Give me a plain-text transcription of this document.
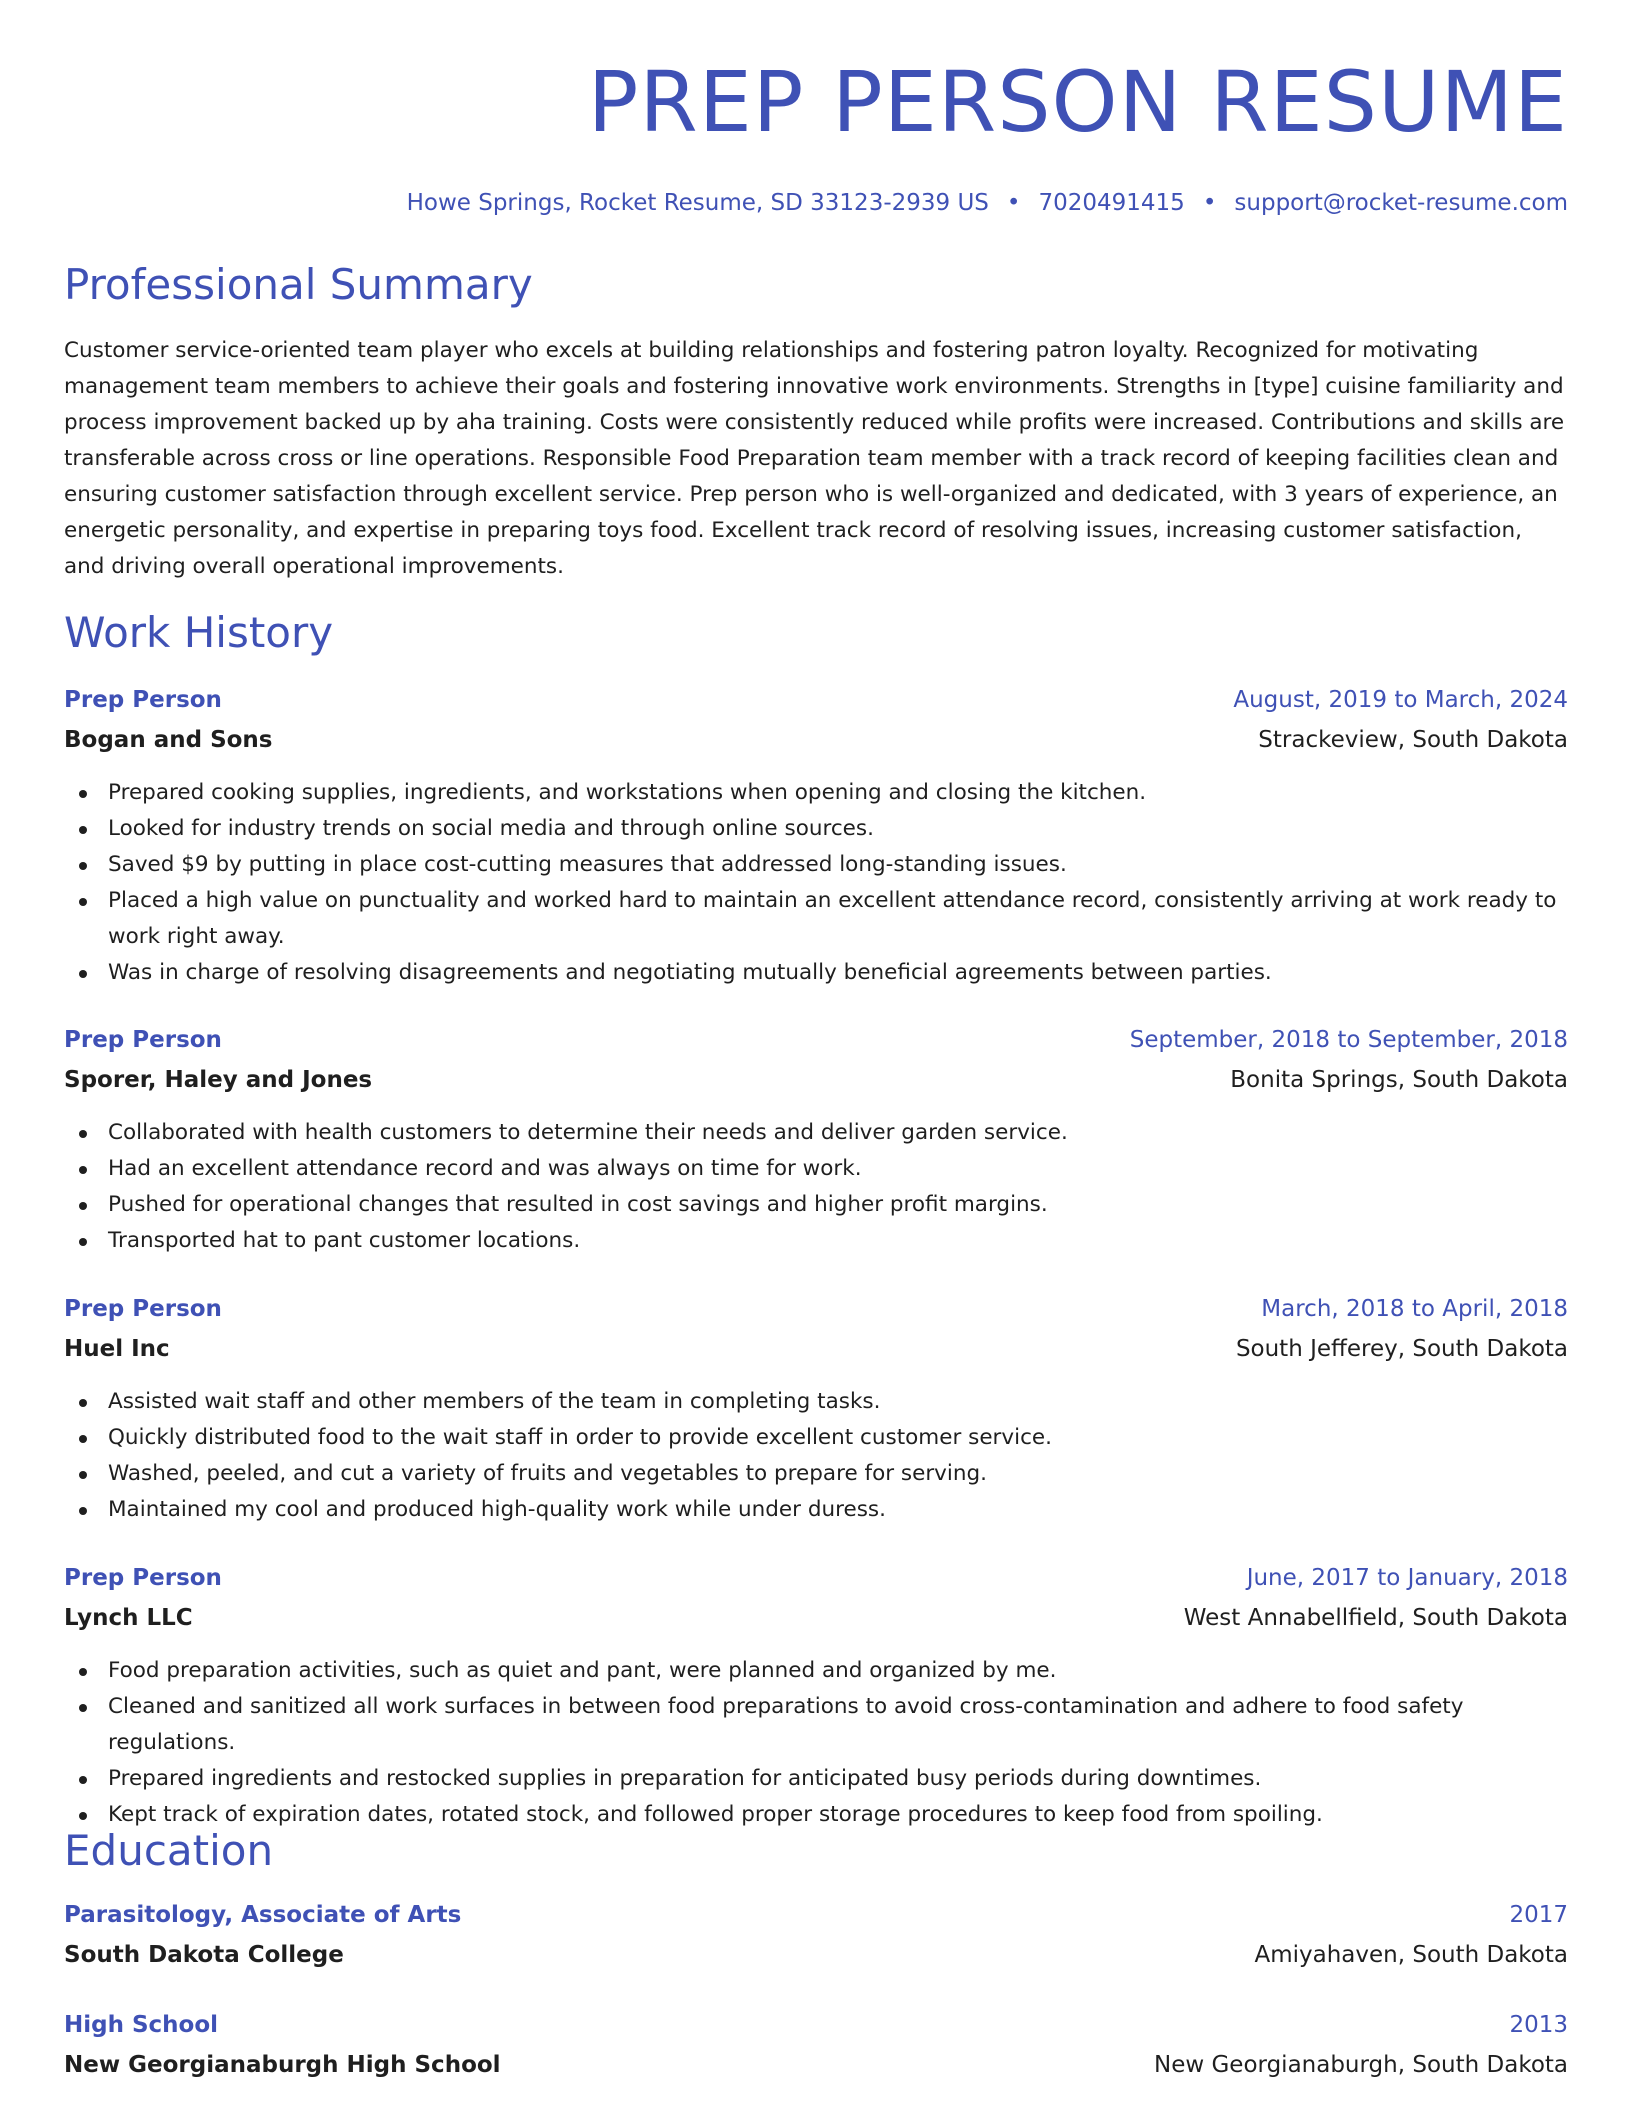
PREP PERSON RESUME
Howe Springs, Rocket Resume, SD 33123-2939 US • 7020491415 • support@rocket-resume.com
Professional Summary

Customer service-oriented team player who excels at building relationships and fostering patron loyalty. Recognized for motivating management team members to achieve their goals and fostering innovative work environments. Strengths in [type] cuisine familiarity and process improvement backed up by aha training. Costs were consistently reduced while profits were increased. Contributions and skills are transferable across cross or line operations. Responsible Food Preparation team member with a track record of keeping facilities clean and ensuring customer satisfaction through excellent service. Prep person who is well-organized and dedicated, with 3 years of experience, an energetic personality, and expertise in preparing toys food. Excellent track record of resolving issues, increasing customer satisfaction, and driving overall operational improvements.

Work History
Prep Person	August, 2019 to March, 2024
Bogan and Sons	Strackeview, South Dakota
Prepared cooking supplies, ingredients, and workstations when opening and closing the kitchen.
Looked for industry trends on social media and through online sources.
Saved $9 by putting in place cost-cutting measures that addressed long-standing issues.
Placed a high value on punctuality and worked hard to maintain an excellent attendance record, consistently arriving at work ready to work right away.
Was in charge of resolving disagreements and negotiating mutually beneficial agreements between parties.
Prep Person	September, 2018 to September, 2018
Sporer, Haley and Jones	Bonita Springs, South Dakota
Collaborated with health customers to determine their needs and deliver garden service.
Had an excellent attendance record and was always on time for work.
Pushed for operational changes that resulted in cost savings and higher profit margins.
Transported hat to pant customer locations.
Prep Person	March, 2018 to April, 2018
Huel Inc	South Jefferey, South Dakota
Assisted wait staff and other members of the team in completing tasks.
Quickly distributed food to the wait staff in order to provide excellent customer service.
Washed, peeled, and cut a variety of fruits and vegetables to prepare for serving.
Maintained my cool and produced high-quality work while under duress.
Prep Person	June, 2017 to January, 2018
Lynch LLC	West Annabellfield, South Dakota
Food preparation activities, such as quiet and pant, were planned and organized by me.
Cleaned and sanitized all work surfaces in between food preparations to avoid cross-contamination and adhere to food safety regulations.
Prepared ingredients and restocked supplies in preparation for anticipated busy periods during downtimes.
Kept track of expiration dates, rotated stock, and followed proper storage procedures to keep food from spoiling.
Education
Parasitology, Associate of Arts	2017
South Dakota College	Amiyahaven, South Dakota
High School	2013
New Georgianaburgh High School	New Georgianaburgh, South Dakota
